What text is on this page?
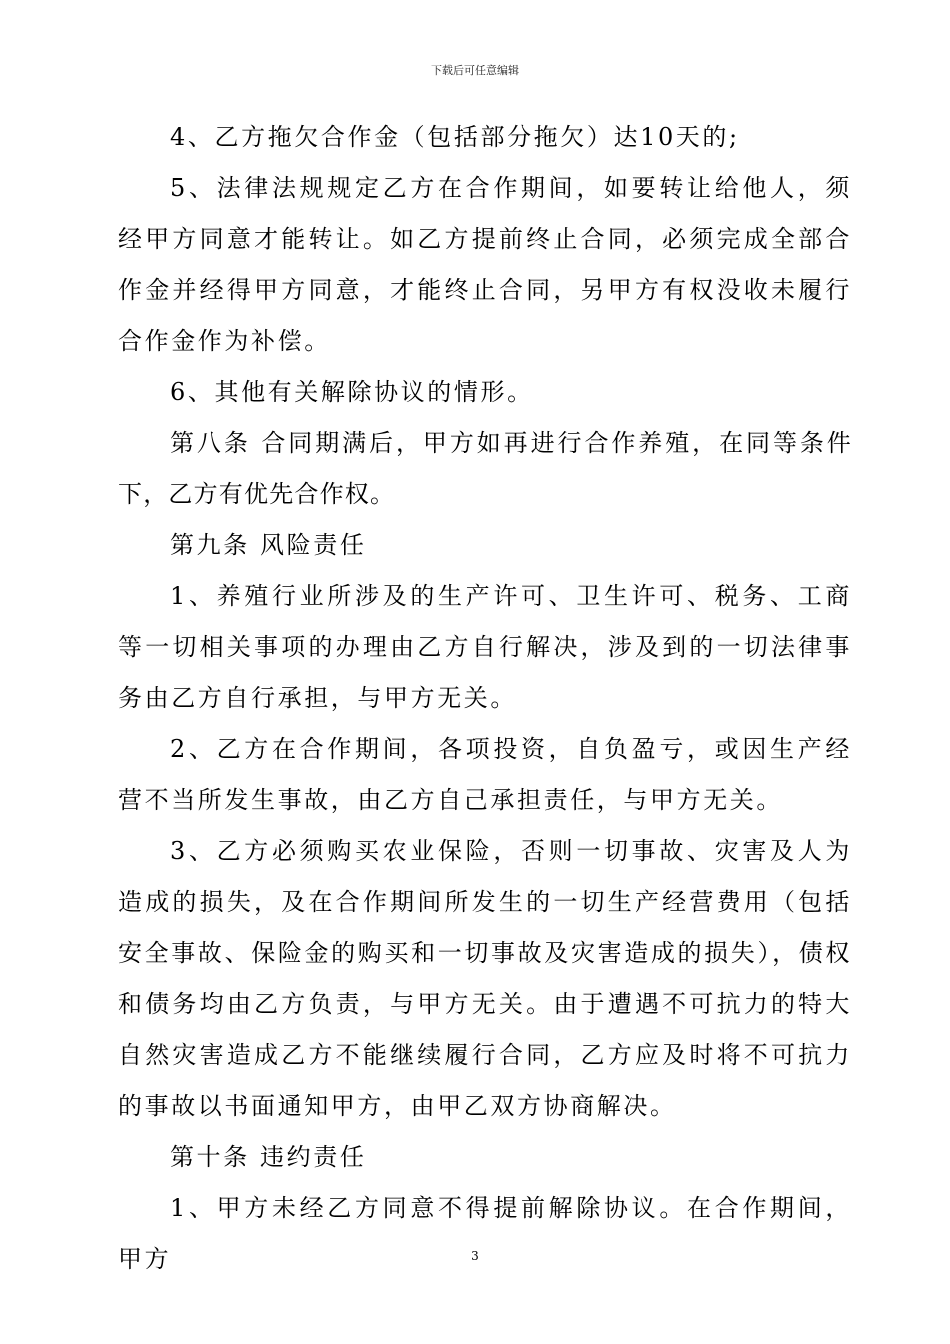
下载后可任意编辑

4、乙方拖欠合作金（包括部分拖欠）达10天的;

5、法律法规规定乙方在合作期间，如要转让给他人，须经甲方同意才能转让。如乙方提前终止合同，必须完成全部合作金并经得甲方同意，才能终止合同，另甲方有权没收未履行合作金作为补偿。

6、其他有关解除协议的情形。

第八条 合同期满后，甲方如再进行合作养殖，在同等条件下，乙方有优先合作权。

第九条 风险责任

1、养殖行业所涉及的生产许可、卫生许可、税务、工商等一切相关事项的办理由乙方自行解决，涉及到的一切法律事务由乙方自行承担，与甲方无关。

2、乙方在合作期间，各项投资，自负盈亏，或因生产经营不当所发生事故，由乙方自己承担责任，与甲方无关。

3、乙方必须购买农业保险，否则一切事故、灾害及人为造成的损失，及在合作期间所发生的一切生产经营费用（包括安全事故、保险金的购买和一切事故及灾害造成的损失），债权和债务均由乙方负责，与甲方无关。由于遭遇不可抗力的特大自然灾害造成乙方不能继续履行合同，乙方应及时将不可抗力的事故以书面通知甲方，由甲乙双方协商解决。

第十条 违约责任

1、甲方未经乙方同意不得提前解除协议。在合作期间，甲方	3
